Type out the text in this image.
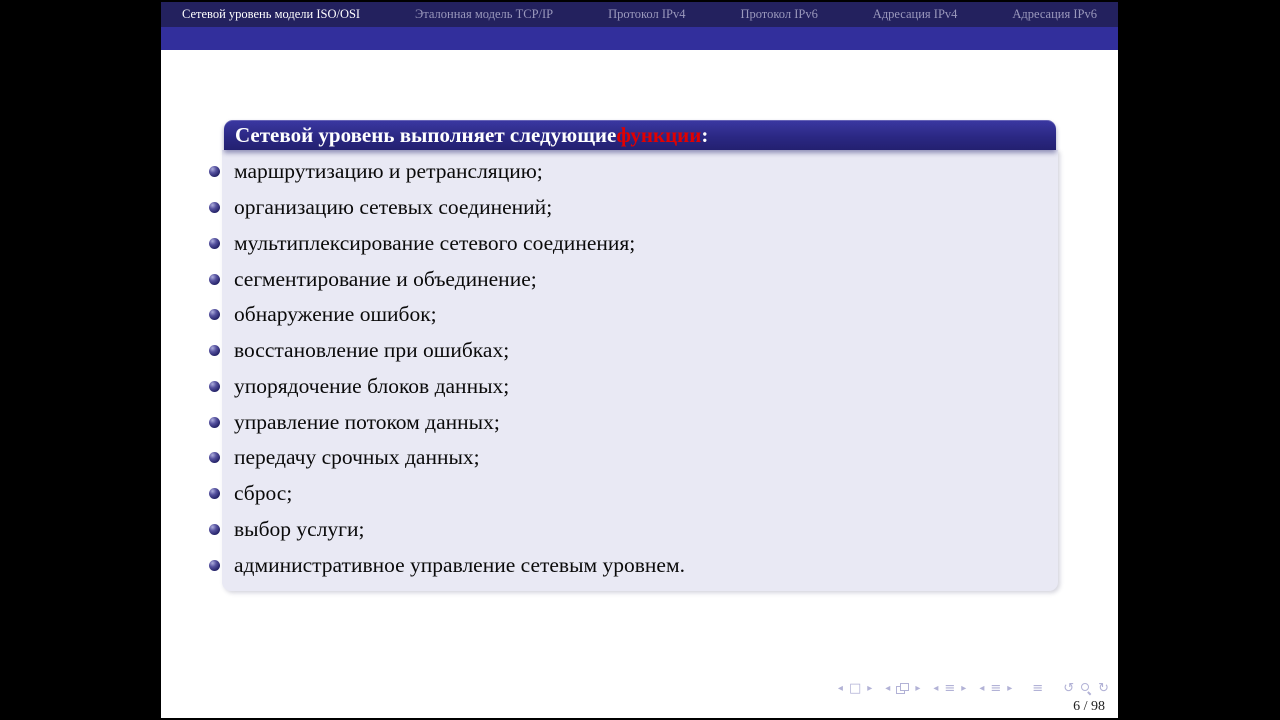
Сетевой уровень модели ISO/OSI	Эталонная модель TCP/IP	Протокол IPv4	Протокол IPv6	Адресация IPv4	Адресация IPv6
Сетевой уровень выполняет следующие функции :
маршрутизацию и ретрансляцию;
организацию сетевых соединений;
мультиплексирование сетевого соединения;
сегментирование и объединение;
обнаружение ошибок;
восстановление при ошибках;
упорядочение блоков данных;
управление потоком данных;
передачу срочных данных;
сброс;
выбор услуги;
административное управление сетевым уровнем.
◂ □ ▸ ◂	▸ ◂ ≡ ▸ ◂ ≡ ▸ ≡ ↺ ↻
6 / 98
